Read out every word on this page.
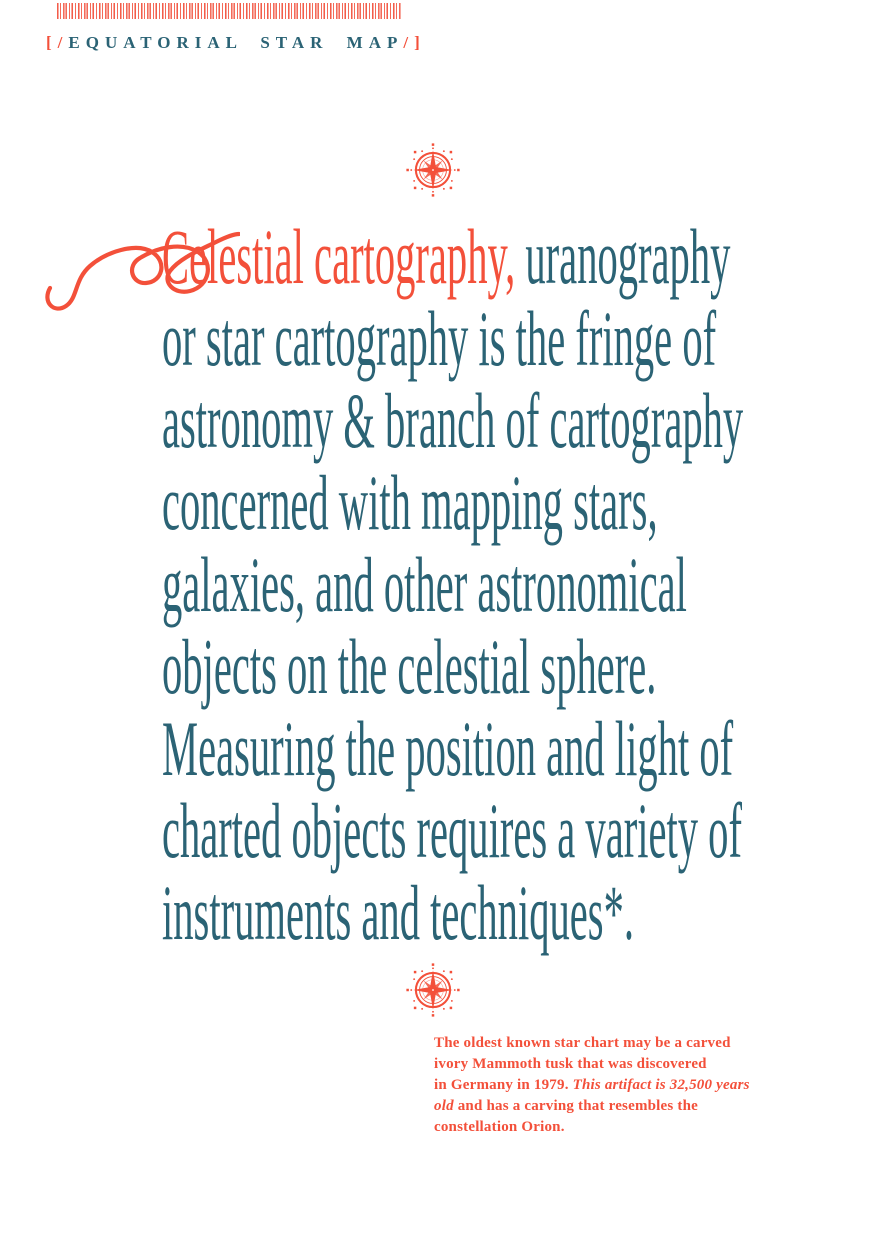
[/EQUATORIAL STAR MAP/]
Celestial cartography, uranography
or star cartography is the fringe of
astronomy & branch of cartography
concerned with mapping stars,
galaxies, and other astronomical
objects on the celestial sphere.
Measuring the position and light of
charted objects requires a variety of
instruments and techniques*.
The oldest known star chart may be a carved
ivory Mammoth tusk that was discovered
in Germany in 1979. This artifact is 32,500 years
old and has a carving that resembles the
constellation Orion.
